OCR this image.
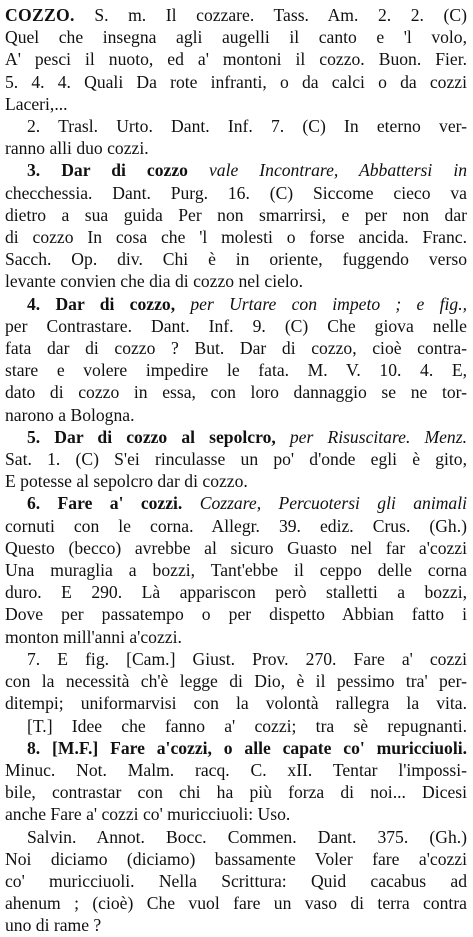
COZZO. S. m. Il cozzare. Tass. Am. 2. 2. (C)
Quel che insegna agli augelli il canto e 'l volo,
A' pesci il nuoto, ed a' montoni il cozzo. Buon. Fier.
5. 4. 4. Quali Da rote infranti, o da calci o da cozzi
Laceri,...
2. Trasl. Urto. Dant. Inf. 7. (C) In eterno ver-
ranno alli duo cozzi.
3. Dar di cozzo vale Incontrare, Abbattersi in
checchessia. Dant. Purg. 16. (C) Siccome cieco va
dietro a sua guida Per non smarrirsi, e per non dar
di cozzo In cosa che 'l molesti o forse ancida. Franc.
Sacch. Op. div. Chi è in oriente, fuggendo verso
levante convien che dia di cozzo nel cielo.
4. Dar di cozzo, per Urtare con impeto ; e fig.,
per Contrastare. Dant. Inf. 9. (C) Che giova nelle
fata dar di cozzo ? But. Dar di cozzo, cioè contra-
stare e volere impedire le fata. M. V. 10. 4. E,
dato di cozzo in essa, con loro dannaggio se ne tor-
narono a Bologna.
5. Dar di cozzo al sepolcro, per Risuscitare. Menz.
Sat. 1. (C) S'ei rinculasse un po' d'onde egli è gito,
E potesse al sepolcro dar di cozzo.
6. Fare a' cozzi. Cozzare, Percuotersi gli animali
cornuti con le corna. Allegr. 39. ediz. Crus. (Gh.)
Questo (becco) avrebbe al sicuro Guasto nel far a'cozzi
Una muraglia a bozzi, Tant'ebbe il ceppo delle corna
duro. E 290. Là appariscon però stalletti a bozzi,
Dove per passatempo o per dispetto Abbian fatto i
monton mill'anni a'cozzi.
7. E fig. [Cam.] Giust. Prov. 270. Fare a' cozzi
con la necessità ch'è legge di Dio, è il pessimo tra' per-
ditempi; uniformarvisi con la volontà rallegra la vita.
[T.] Idee che fanno a' cozzi; tra sè repugnanti.
8. [M.F.] Fare a'cozzi, o alle capate co' muricciuoli.
Minuc. Not. Malm. racq. C. xII. Tentar l'impossi-
bile, contrastar con chi ha più forza di noi... Dicesi
anche Fare a' cozzi co' muricciuoli: Uso.
Salvin. Annot. Bocc. Commen. Dant. 375. (Gh.)
Noi diciamo (diciamo) bassamente Voler fare a'cozzi
co' muricciuoli. Nella Scrittura: Quid cacabus ad
ahenum ; (cioè) Che vuol fare un vaso di terra contra
uno di rame ?
